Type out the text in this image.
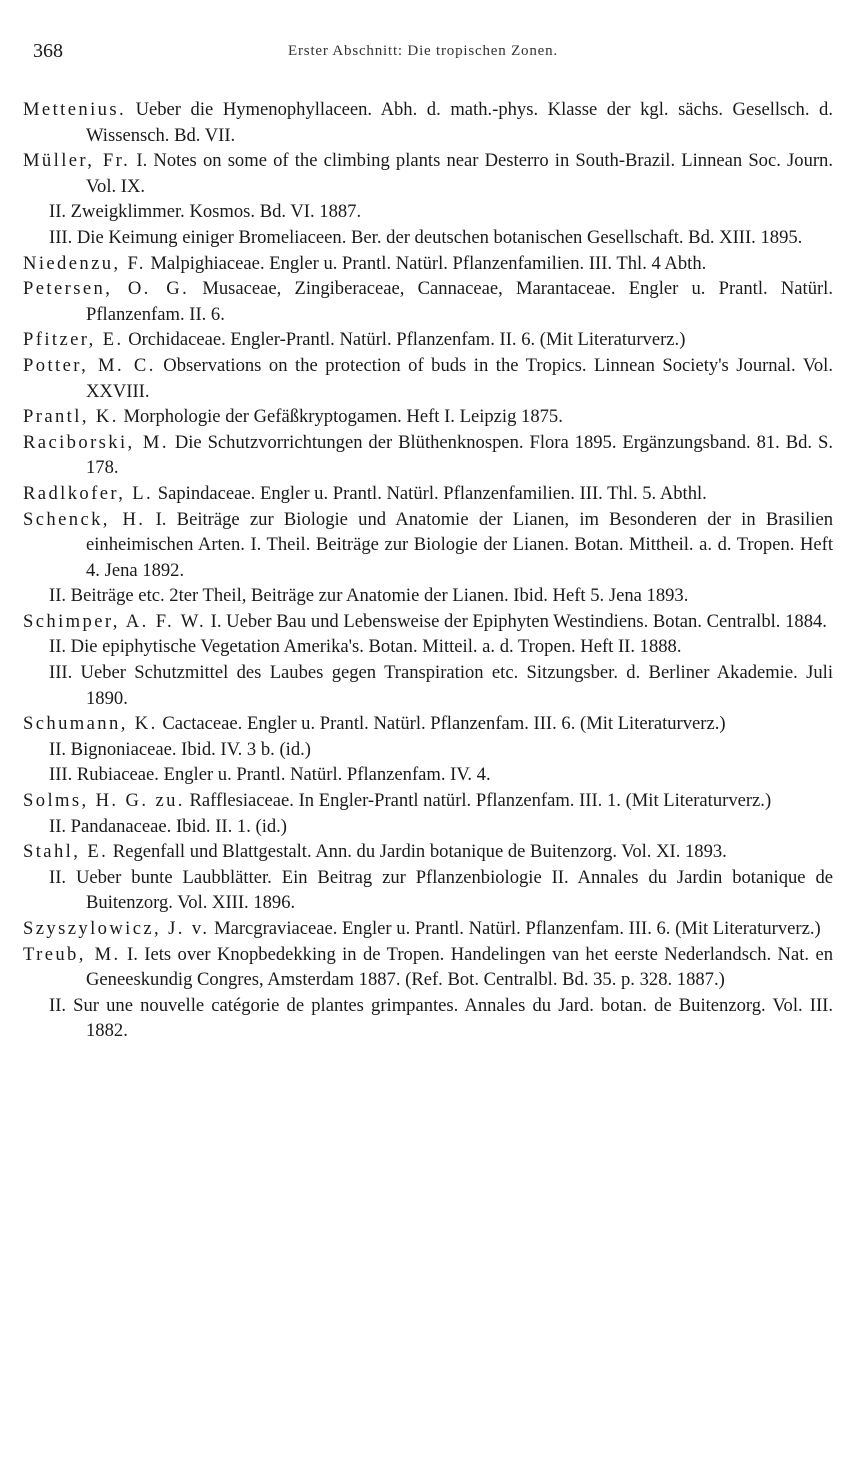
368	Erster Abschnitt: Die tropischen Zonen.
Mettenius. Ueber die Hymenophyllaceen. Abh. d. math.-phys. Klasse der kgl. sächs. Gesellsch. d. Wissensch. Bd. VII.
Müller, Fr. I. Notes on some of the climbing plants near Desterro in South-Brazil. Linnean Soc. Journ. Vol. IX.
II. Zweigklimmer. Kosmos. Bd. VI. 1887.
III. Die Keimung einiger Bromeliaceen. Ber. der deutschen botanischen Gesellschaft. Bd. XIII. 1895.
Niedenzu, F. Malpighiaceae. Engler u. Prantl. Natürl. Pflanzenfamilien. III. Thl. 4 Abth.
Petersen, O. G. Musaceae, Zingiberaceae, Cannaceae, Marantaceae. Engler u. Prantl. Natürl. Pflanzenfam. II. 6.
Pfitzer, E. Orchidaceae. Engler-Prantl. Natürl. Pflanzenfam. II. 6. (Mit Literaturverz.)
Potter, M. C. Observations on the protection of buds in the Tropics. Linnean Society's Journal. Vol. XXVIII.
Prantl, K. Morphologie der Gefäßkryptogamen. Heft I. Leipzig 1875.
Raciborski, M. Die Schutzvorrichtungen der Blüthenknospen. Flora 1895. Ergänzungsband. 81. Bd. S. 178.
Radlkofer, L. Sapindaceae. Engler u. Prantl. Natürl. Pflanzenfamilien. III. Thl. 5. Abthl.
Schenck, H. I. Beiträge zur Biologie und Anatomie der Lianen, im Besonderen der in Brasilien einheimischen Arten. I. Theil. Beiträge zur Biologie der Lianen. Botan. Mittheil. a. d. Tropen. Heft 4. Jena 1892.
II. Beiträge etc. 2ter Theil, Beiträge zur Anatomie der Lianen. Ibid. Heft 5. Jena 1893.
Schimper, A. F. W. I. Ueber Bau und Lebensweise der Epiphyten Westindiens. Botan. Centralbl. 1884.
II. Die epiphytische Vegetation Amerika's. Botan. Mitteil. a. d. Tropen. Heft II. 1888.
III. Ueber Schutzmittel des Laubes gegen Transpiration etc. Sitzungsber. d. Berliner Akademie. Juli 1890.
Schumann, K. Cactaceae. Engler u. Prantl. Natürl. Pflanzenfam. III. 6. (Mit Literaturverz.)
II. Bignoniaceae. Ibid. IV. 3 b. (id.)
III. Rubiaceae. Engler u. Prantl. Natürl. Pflanzenfam. IV. 4.
Solms, H. G. zu. Rafflesiaceae. In Engler-Prantl natürl. Pflanzenfam. III. 1. (Mit Literaturverz.)
II. Pandanaceae. Ibid. II. 1. (id.)
Stahl, E. Regenfall und Blattgestalt. Ann. du Jardin botanique de Buitenzorg. Vol. XI. 1893.
II. Ueber bunte Laubblätter. Ein Beitrag zur Pflanzenbiologie II. Annales du Jardin botanique de Buitenzorg. Vol. XIII. 1896.
Szyszylowicz, J. v. Marcgraviaceae. Engler u. Prantl. Natürl. Pflanzenfam. III. 6. (Mit Literaturverz.)
Treub, M. I. Iets over Knopbedekking in de Tropen. Handelingen van het eerste Nederlandsch. Nat. en Geneeskundig Congres, Amsterdam 1887. (Ref. Bot. Centralbl. Bd. 35. p. 328. 1887.)
II. Sur une nouvelle catégorie de plantes grimpantes. Annales du Jard. botan. de Buitenzorg. Vol. III. 1882.
